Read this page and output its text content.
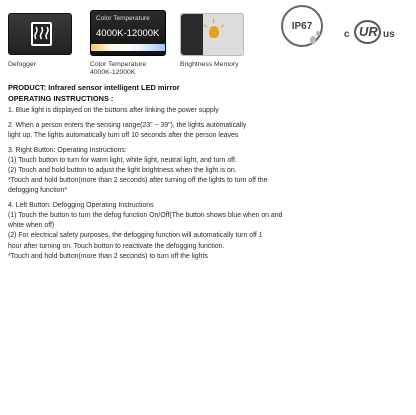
Defogger
Color Temperature
4000K-12000K
Color Temperature
4000K-12000K
Brightness Memory
IP67
c UR us
PRODUCT: Infrared sensor intelligent LED mirror
OPERATING INSTRUCTIONS :
1. Blue light is displayed on the buttons after linking the power supply
2. When a person enters the sensing range(23" ~ 39"), the lights automatically
light up. The lights automatically turn off 10 seconds after the person leaves
3. Right Button: Operating Instructions:
(1) Touch button to turn for warm light, white light, neutral light, and turn off.
(2) Touch and hold button to adjust the light brightness when the light is on.
*Touch and hold button(more than 2 seconds) after turning off the lights to turn off the
defogging function*
4. Left Button: Defogging Operating Instructions
(1) Touch the button to turn the defog function On/Off(The button shows blue when on and
white when off)
(2) For electrical safety purposes, the defogging function will automatically turn off 1
hour after turning on. Touch button to reactivate the defogging function.
*Touch and hold button(more than 2 seconds) to turn off the lights
